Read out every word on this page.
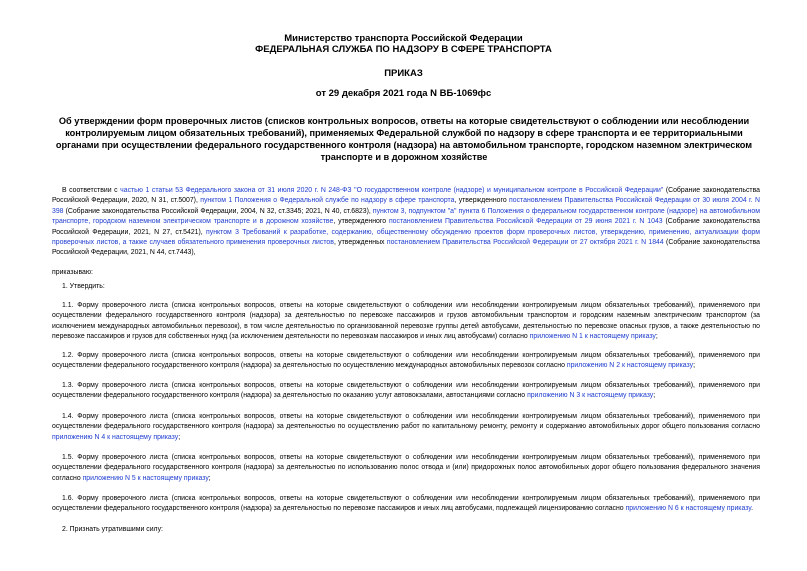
Министерство транспорта Российской Федерации
ФЕДЕРАЛЬНАЯ СЛУЖБА ПО НАДЗОРУ В СФЕРЕ ТРАНСПОРТА
ПРИКАЗ
от 29 декабря 2021 года N ВБ-1069фс
Об утверждении форм проверочных листов (списков контрольных вопросов, ответы на которые свидетельствуют о соблюдении или несоблюдении контролируемым лицом обязательных требований), применяемых Федеральной службой по надзору в сфере транспорта и ее территориальными органами при осуществлении федерального государственного контроля (надзора) на автомобильном транспорте, городском наземном электрическом транспорте и в дорожном хозяйстве
В соответствии с частью 1 статьи 53 Федерального закона от 31 июля 2020 г. N 248-ФЗ "О государственном контроле (надзоре) и муниципальном контроле в Российской Федерации" (Собрание законодательства Российской Федерации, 2020, N 31, ст.5007), пунктом 1 Положения о Федеральной службе по надзору в сфере транспорта, утвержденного постановлением Правительства Российской Федерации от 30 июля 2004 г. N 398 (Собрание законодательства Российской Федерации, 2004, N 32, ст.3345; 2021, N 40, ст.6823), пунктом 3, подпунктом "а" пункта 6 Положения о федеральном государственном контроле (надзоре) на автомобильном транспорте, городском наземном электрическом транспорте и в дорожном хозяйстве, утвержденного постановлением Правительства Российской Федерации от 29 июня 2021 г. N 1043 (Собрание законодательства Российской Федерации, 2021, N 27, ст.5421), пунктом 3 Требований к разработке, содержанию, общественному обсуждению проектов форм проверочных листов, утверждению, применению, актуализации форм проверочных листов, а также случаев обязательного применения проверочных листов, утвержденных постановлением Правительства Российской Федерации от 27 октября 2021 г. N 1844 (Собрание законодательства Российской Федерации, 2021, N 44, ст.7443),
приказываю:
1. Утвердить:
1.1. Форму проверочного листа (списка контрольных вопросов, ответы на которые свидетельствуют о соблюдении или несоблюдении контролируемым лицом обязательных требований), применяемого при осуществлении федерального государственного контроля (надзора) за деятельностью по перевозке пассажиров и грузов автомобильным транспортом и городским наземным электрическим транспортом (за исключением международных автомобильных перевозок), в том числе деятельностью по организованной перевозке группы детей автобусами, деятельностью по перевозке опасных грузов, а также деятельностью по перевозке пассажиров и грузов для собственных нужд (за исключением деятельности по перевозкам пассажиров и иных лиц автобусами) согласно приложению N 1 к настоящему приказу;
1.2. Форму проверочного листа (списка контрольных вопросов, ответы на которые свидетельствуют о соблюдении или несоблюдении контролируемым лицом обязательных требований), применяемого при осуществлении федерального государственного контроля (надзора) за деятельностью по осуществлению международных автомобильных перевозок согласно приложению N 2 к настоящему приказу;
1.3. Форму проверочного листа (списка контрольных вопросов, ответы на которые свидетельствуют о соблюдении или несоблюдении контролируемым лицом обязательных требований), применяемого при осуществлении федерального государственного контроля (надзора) за деятельностью по оказанию услуг автовокзалами, автостанциями согласно приложению N 3 к настоящему приказу;
1.4. Форму проверочного листа (списка контрольных вопросов, ответы на которые свидетельствуют о соблюдении или несоблюдении контролируемым лицом обязательных требований), применяемого при осуществлении федерального государственного контроля (надзора) за деятельностью по осуществлению работ по капитальному ремонту, ремонту и содержанию автомобильных дорог общего пользования согласно приложению N 4 к настоящему приказу;
1.5. Форму проверочного листа (списка контрольных вопросов, ответы на которые свидетельствуют о соблюдении или несоблюдении контролируемым лицом обязательных требований), применяемого при осуществлении федерального государственного контроля (надзора) за деятельностью по использованию полос отвода и (или) придорожных полос автомобильных дорог общего пользования федерального значения согласно приложению N 5 к настоящему приказу;
1.6. Форму проверочного листа (списка контрольных вопросов, ответы на которые свидетельствуют о соблюдении или несоблюдении контролируемым лицом обязательных требований), применяемого при осуществлении федерального государственного контроля (надзора) за деятельностью по перевозке пассажиров и иных лиц автобусами, подлежащей лицензированию согласно приложению N 6 к настоящему приказу.
2. Признать утратившими силу:
